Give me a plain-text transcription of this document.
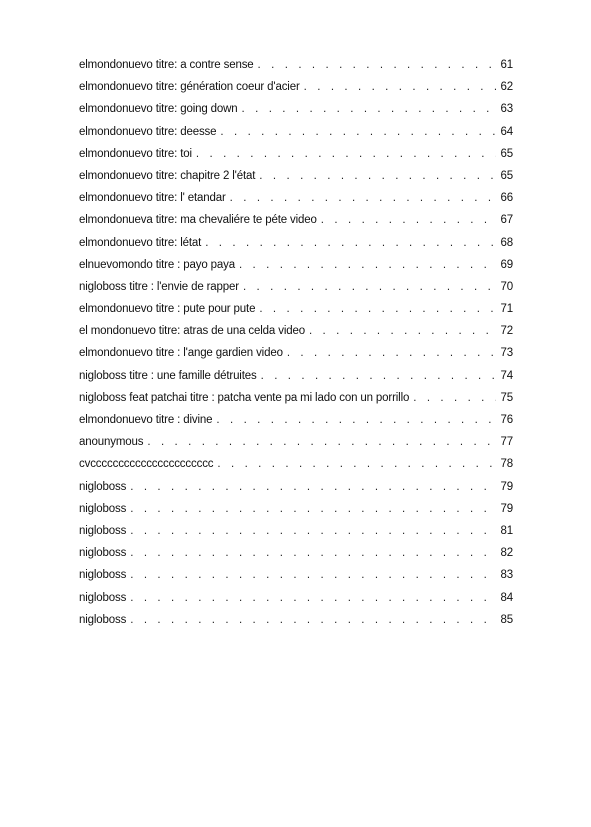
elmondonuevo titre: a contre sense . . .	61
elmondonuevo titre: génération coeur d'acier . . .	62
elmondonuevo titre: going down . . .	63
elmondonuevo titre: deesse . . .	64
elmondonuevo titre: toi . . .	65
elmondonuevo titre: chapitre 2 l'état . . .	65
elmondonuevo titre: l' etandar . . .	66
elmondonueva titre: ma chevaliére te péte video . . .	67
elmondonuevo titre: létat . . .	68
elnuevomondo titre : payo paya . . .	69
nigloboss titre : l'envie de rapper . . .	70
elmondonuevo titre : pute pour pute . . .	71
el mondonuevo titre: atras de una celda video . . .	72
elmondonuevo titre : l'ange gardien video . . .	73
nigloboss titre : une famille détruites . . .	74
nigloboss feat patchai titre : patcha vente pa mi lado con un porrillo . . .	75
elmondonuevo titre : divine . . .	76
anounymous . . .	77
cvcccccccccccccccccccccc . . .	78
nigloboss . . .	79
nigloboss . . .	79
nigloboss . . .	81
nigloboss . . .	82
nigloboss . . .	83
nigloboss . . .	84
nigloboss . . .	85
